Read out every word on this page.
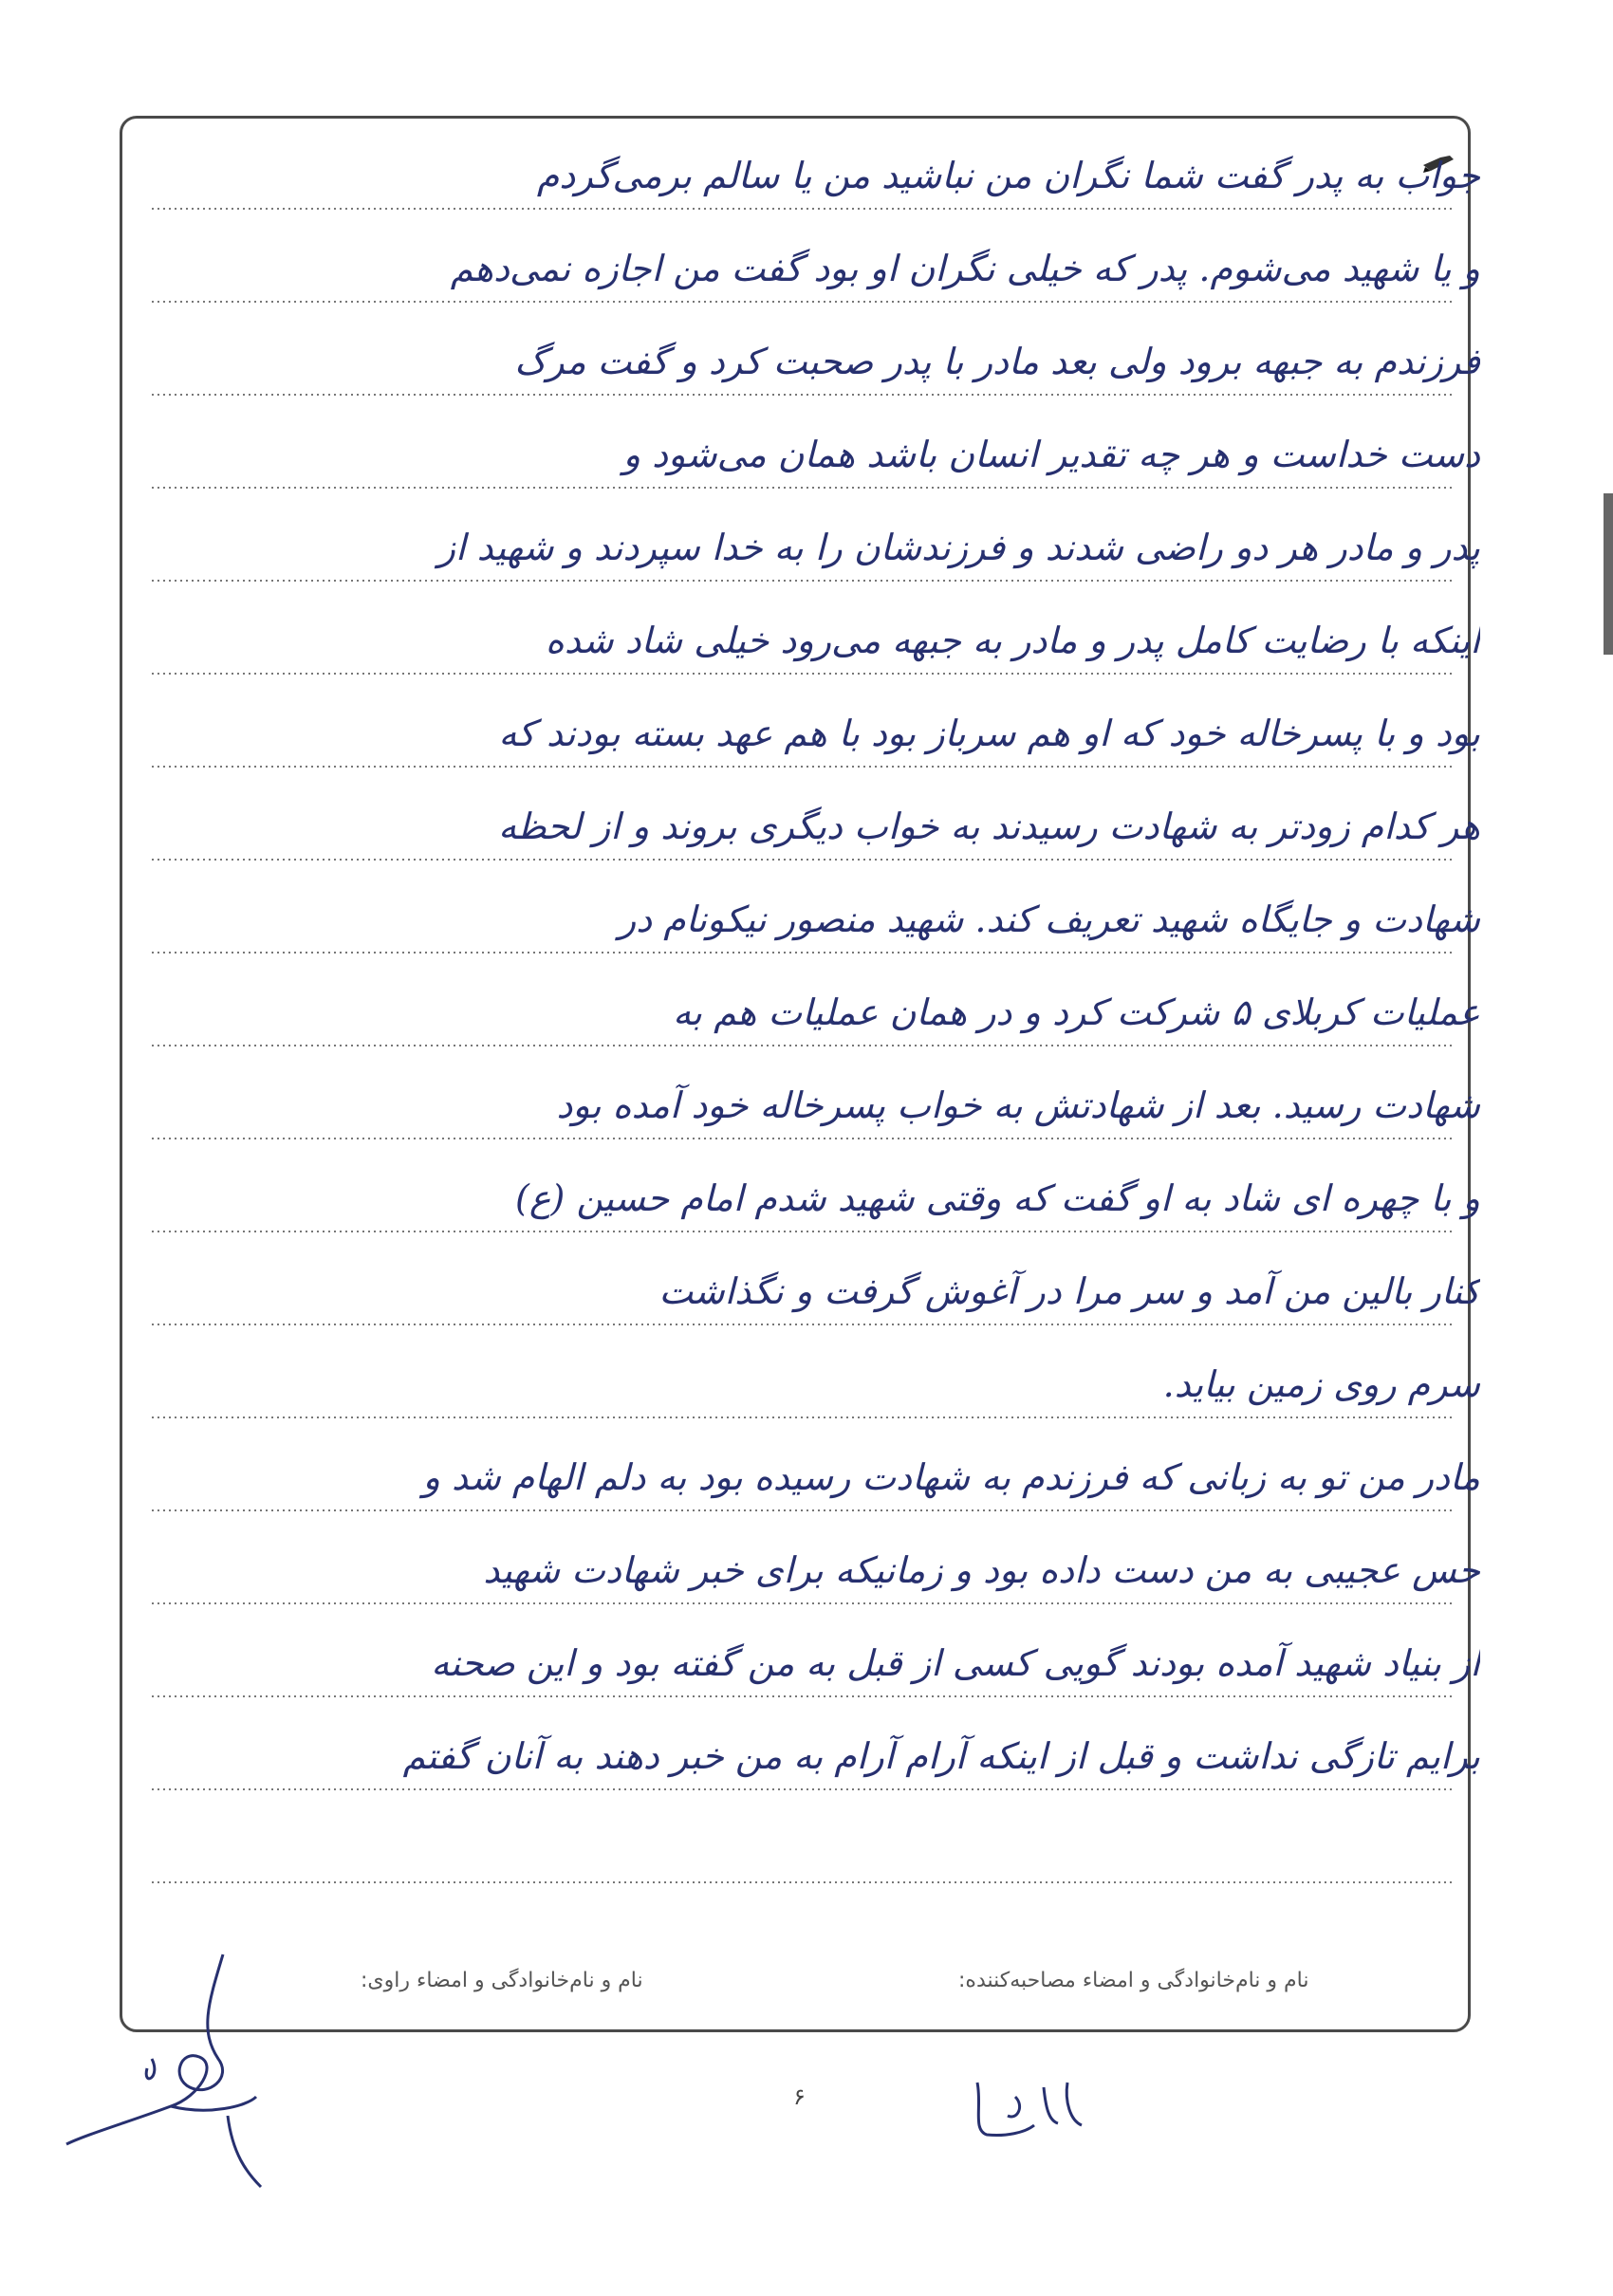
جواب به پدر گفت شما نگران من نباشید من یا سالم برمی‌گردم
و یا شهید می‌شوم. پدر که خیلی نگران او بود گفت من اجازه نمی‌دهم
فرزندم به جبهه برود ولی بعد مادر با پدر صحبت کرد و گفت مرگ
دست خداست و هر چه تقدیر انسان باشد همان می‌شود و
پدر و مادر هر دو راضی شدند و فرزندشان را به خدا سپردند و شهید از
اینکه با رضایت کامل پدر و مادر به جبهه می‌رود خیلی شاد شده
بود و با پسرخاله خود که او هم سرباز بود با هم عهد بسته بودند که
هر کدام زودتر به شهادت رسیدند به خواب دیگری بروند و از لحظه
شهادت و جایگاه شهید تعریف کند. شهید منصور نیکونام در
عملیات کربلای ۵ شرکت کرد و در همان عملیات هم به
شهادت رسید. بعد از شهادتش به خواب پسرخاله خود آمده بود
و با چهره ای شاد به او گفت که وقتی شهید شدم امام حسین (ع)
کنار بالین من آمد و سر مرا در آغوش گرفت و نگذاشت
سرم روی زمین بیاید.
مادر من تو به زبانی که فرزندم به شهادت رسیده بود به دلم الهام شد و
حس عجیبی به من دست داده بود و زمانیکه برای خبر شهادت شهید
از بنیاد شهید آمده بودند گویی کسی از قبل به من گفته بود و این صحنه
برایم تازگی نداشت و قبل از اینکه آرام آرام به من خبر دهند به آنان گفتم
نام و نام‌خانوادگی و امضاء مصاحبه‌کننده:
نام و نام‌خانوادگی و امضاء راوی:
۶
